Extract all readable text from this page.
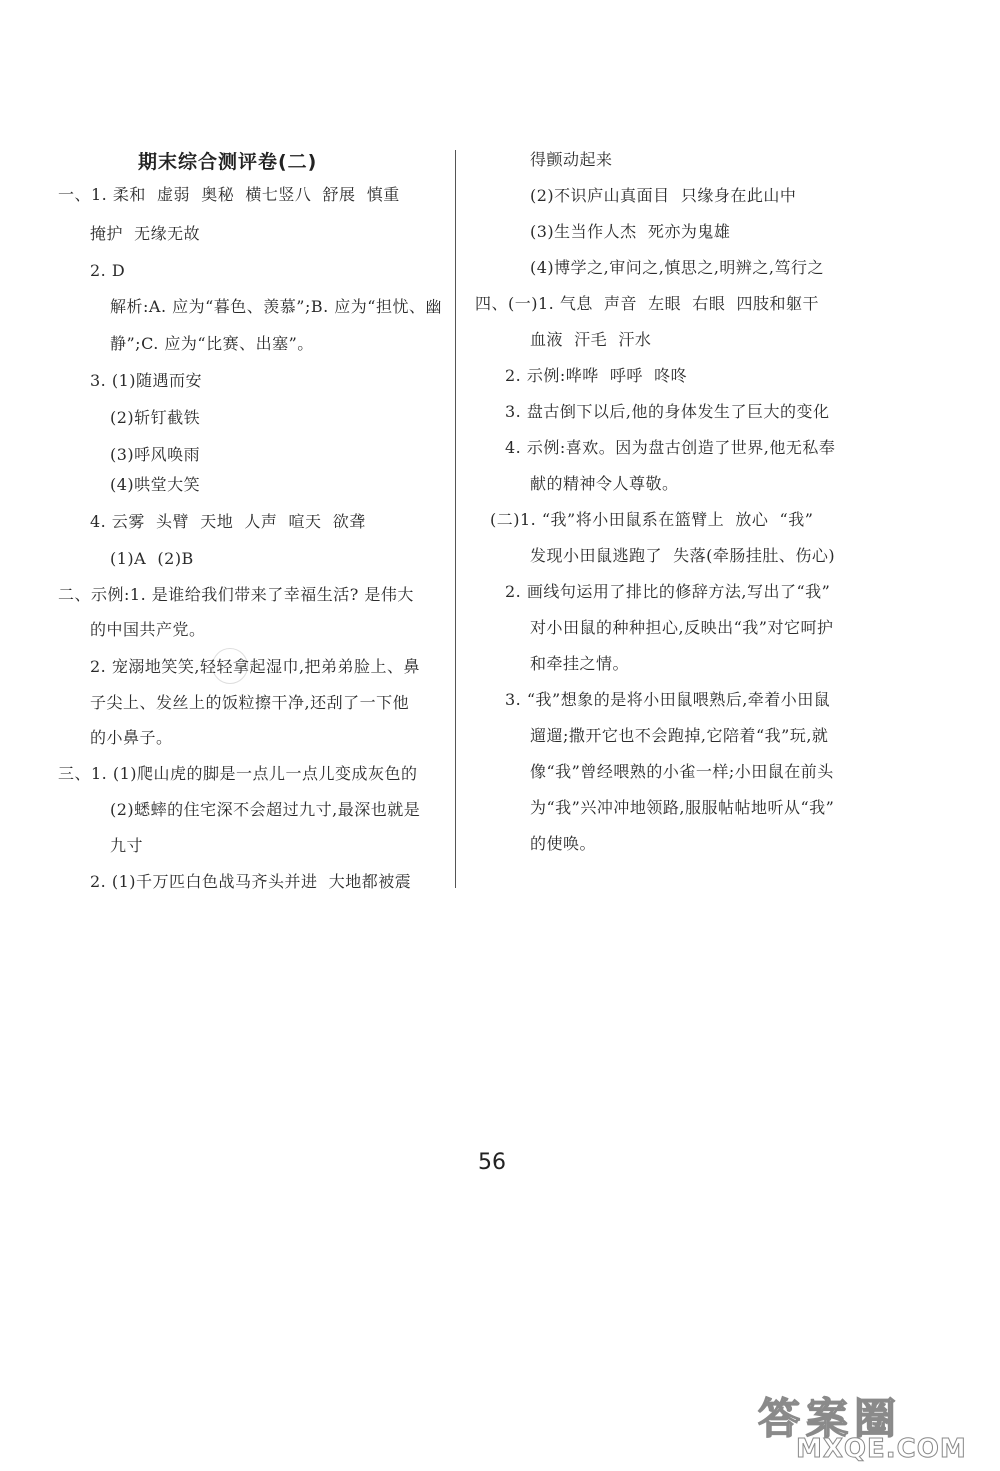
期末综合测评卷(二)
一、1. 柔和  虚弱  奥秘  横七竖八  舒展  慎重
掩护  无缘无故
2. D
解析:A. 应为“暮色、羡慕”;B. 应为“担忧、幽
静”;C. 应为“比赛、出塞”。
3. (1)随遇而安
(2)斩钉截铁
(3)呼风唤雨
(4)哄堂大笑
4. 云雾  头臂  天地  人声  喧天  欲聋
(1)A  (2)B
二、示例:1. 是谁给我们带来了幸福生活? 是伟大
的中国共产党。
2. 宠溺地笑笑,轻轻拿起湿巾,把弟弟脸上、鼻
子尖上、发丝上的饭粒擦干净,还刮了一下他
的小鼻子。
三、1. (1)爬山虎的脚是一点儿一点儿变成灰色的
(2)蟋蟀的住宅深不会超过九寸,最深也就是
九寸
2. (1)千万匹白色战马齐头并进  大地都被震
得颤动起来
(2)不识庐山真面目  只缘身在此山中
(3)生当作人杰  死亦为鬼雄
(4)博学之,审问之,慎思之,明辨之,笃行之
四、(一)1. 气息  声音  左眼  右眼  四肢和躯干
血液  汗毛  汗水
2. 示例:哗哗  呼呼  咚咚
3. 盘古倒下以后,他的身体发生了巨大的变化
4. 示例:喜欢。因为盘古创造了世界,他无私奉
献的精神令人尊敬。
(二)1. “我”将小田鼠系在篮臂上  放心  “我”
发现小田鼠逃跑了  失落(牵肠挂肚、伤心)
2. 画线句运用了排比的修辞方法,写出了“我”
对小田鼠的种种担心,反映出“我”对它呵护
和牵挂之情。
3. “我”想象的是将小田鼠喂熟后,牵着小田鼠
遛遛;撒开它也不会跑掉,它陪着“我”玩,就
像“我”曾经喂熟的小雀一样;小田鼠在前头
为“我”兴冲冲地领路,服服帖帖地听从“我”
的使唤。
56
答案圈
MXQE.COM
